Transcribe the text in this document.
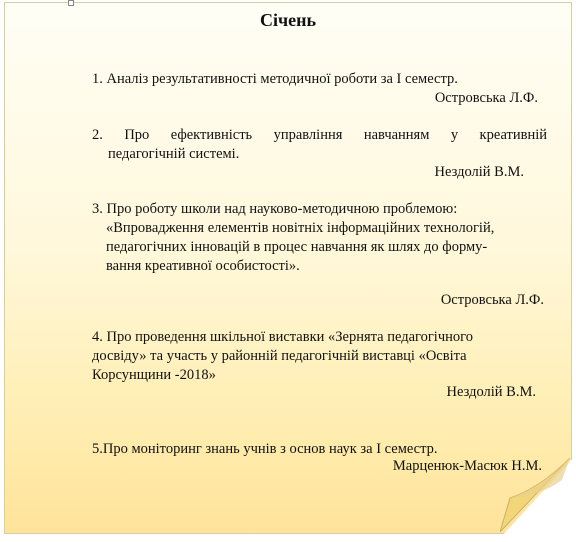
Січень
1. Аналіз результативності методичної роботи за І семестр.
Островська Л.Ф.
2. Про ефективність управління навчанням у креативній
педагогічній системі.
Нездолій В.М.
3. Про роботу школи над науково-методичною проблемою:
«Впровадження елементів новітніх інформаційних технологій,
педагогічних інновацій в процес навчання як шлях до форму-
вання креативної особистості».
Островська Л.Ф.
4. Про проведення шкільної виставки «Зернята педагогічного
досвіду» та участь у районній педагогічній виставці «Освіта
Корсунщини -2018»
Нездолій В.М.
5.Про моніторинг знань учнів з основ наук за І семестр.
Марценюк-Масюк Н.М.
